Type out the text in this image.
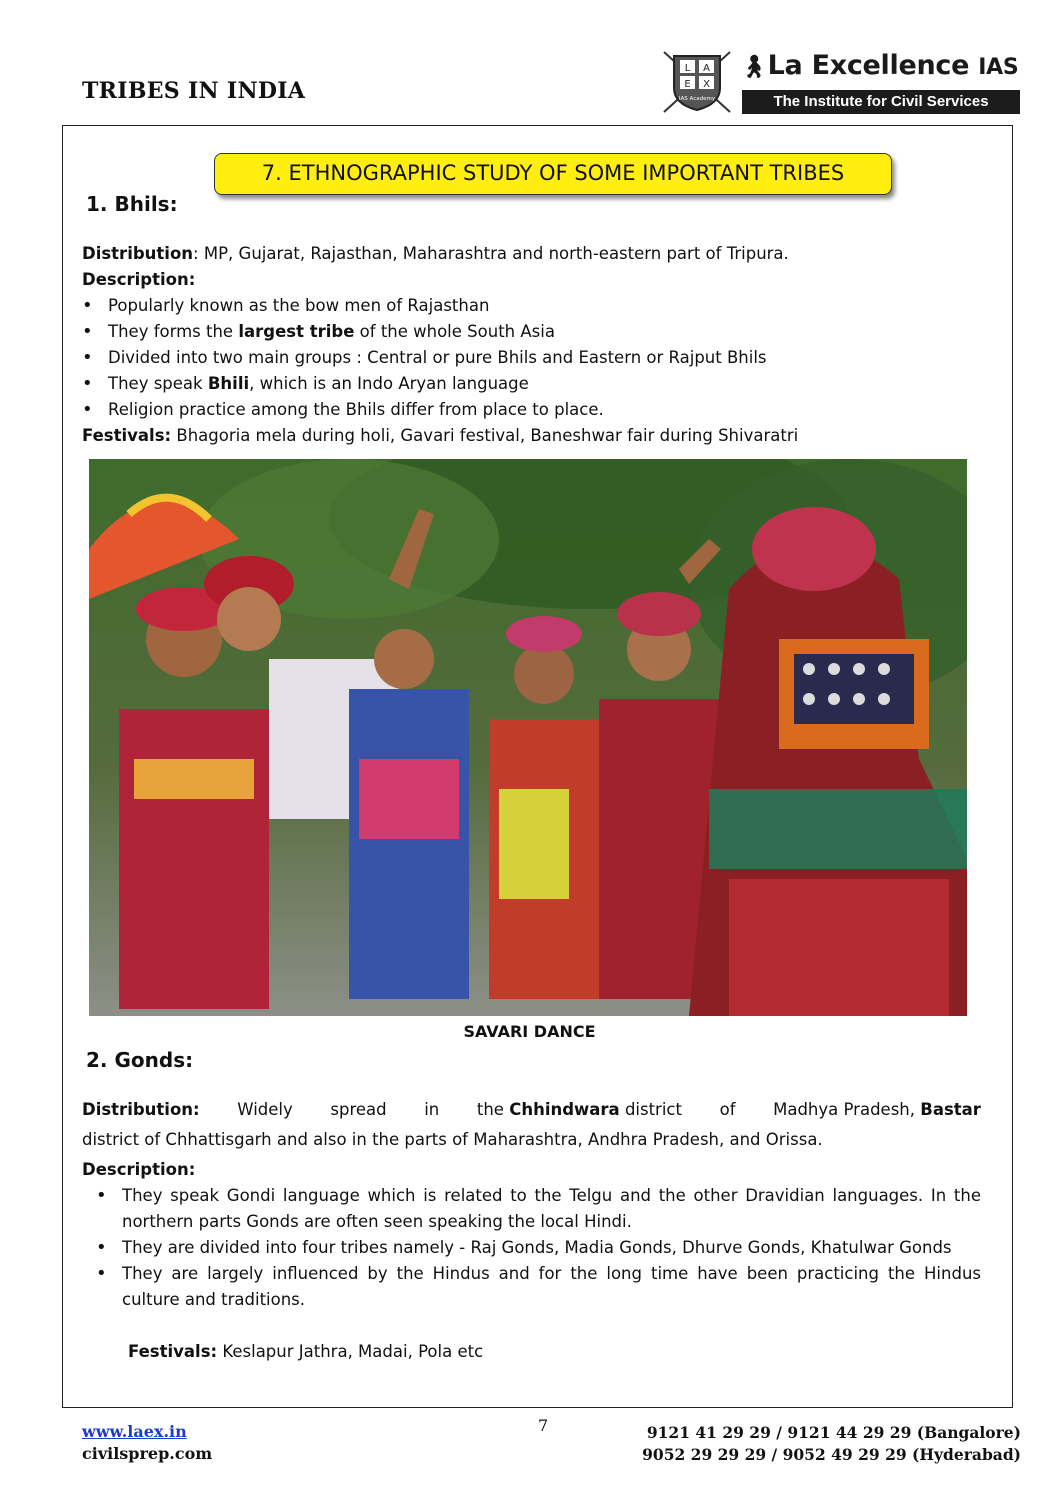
TRIBES IN INDIA
L A
E X
IAS Academy
🚶︎La Excellence IAS
The Institute for Civil Services
7. ETHNOGRAPHIC STUDY OF SOME IMPORTANT TRIBES
1. Bhils:
Distribution: MP, Gujarat, Rajasthan, Maharashtra and north-eastern part of Tripura.
Description:
• Popularly known as the bow men of Rajasthan
• They forms the largest tribe of the whole South Asia
• Divided into two main groups : Central or pure Bhils and Eastern or Rajput Bhils
• They speak Bhili, which is an Indo Aryan language
• Religion practice among the Bhils differ from place to place.
Festivals: Bhagoria mela during holi, Gavari festival, Baneshwar fair during Shivaratri
SAVARI DANCE
2. Gonds:
Distribution: Widely spread in the Chhindwara district of Madhya Pradesh, Bastar
district of Chhattisgarh and also in the parts of Maharashtra, Andhra Pradesh, and Orissa.
Description:
• They speak Gondi language which is related to the Telgu and the other Dravidian languages. In the northern parts Gonds are often seen speaking the local Hindi.
• They are divided into four tribes namely - Raj Gonds, Madia Gonds, Dhurve Gonds, Khatulwar Gonds
• They are largely influenced by the Hindus and for the long time have been practicing the Hindus culture and traditions.
Festivals: Keslapur Jathra, Madai, Pola etc
www.laex.in
civilsprep.com
7	9121 41 29 29 / 9121 44 29 29 (Bangalore)
9052 29 29 29 / 9052 49 29 29 (Hyderabad)
